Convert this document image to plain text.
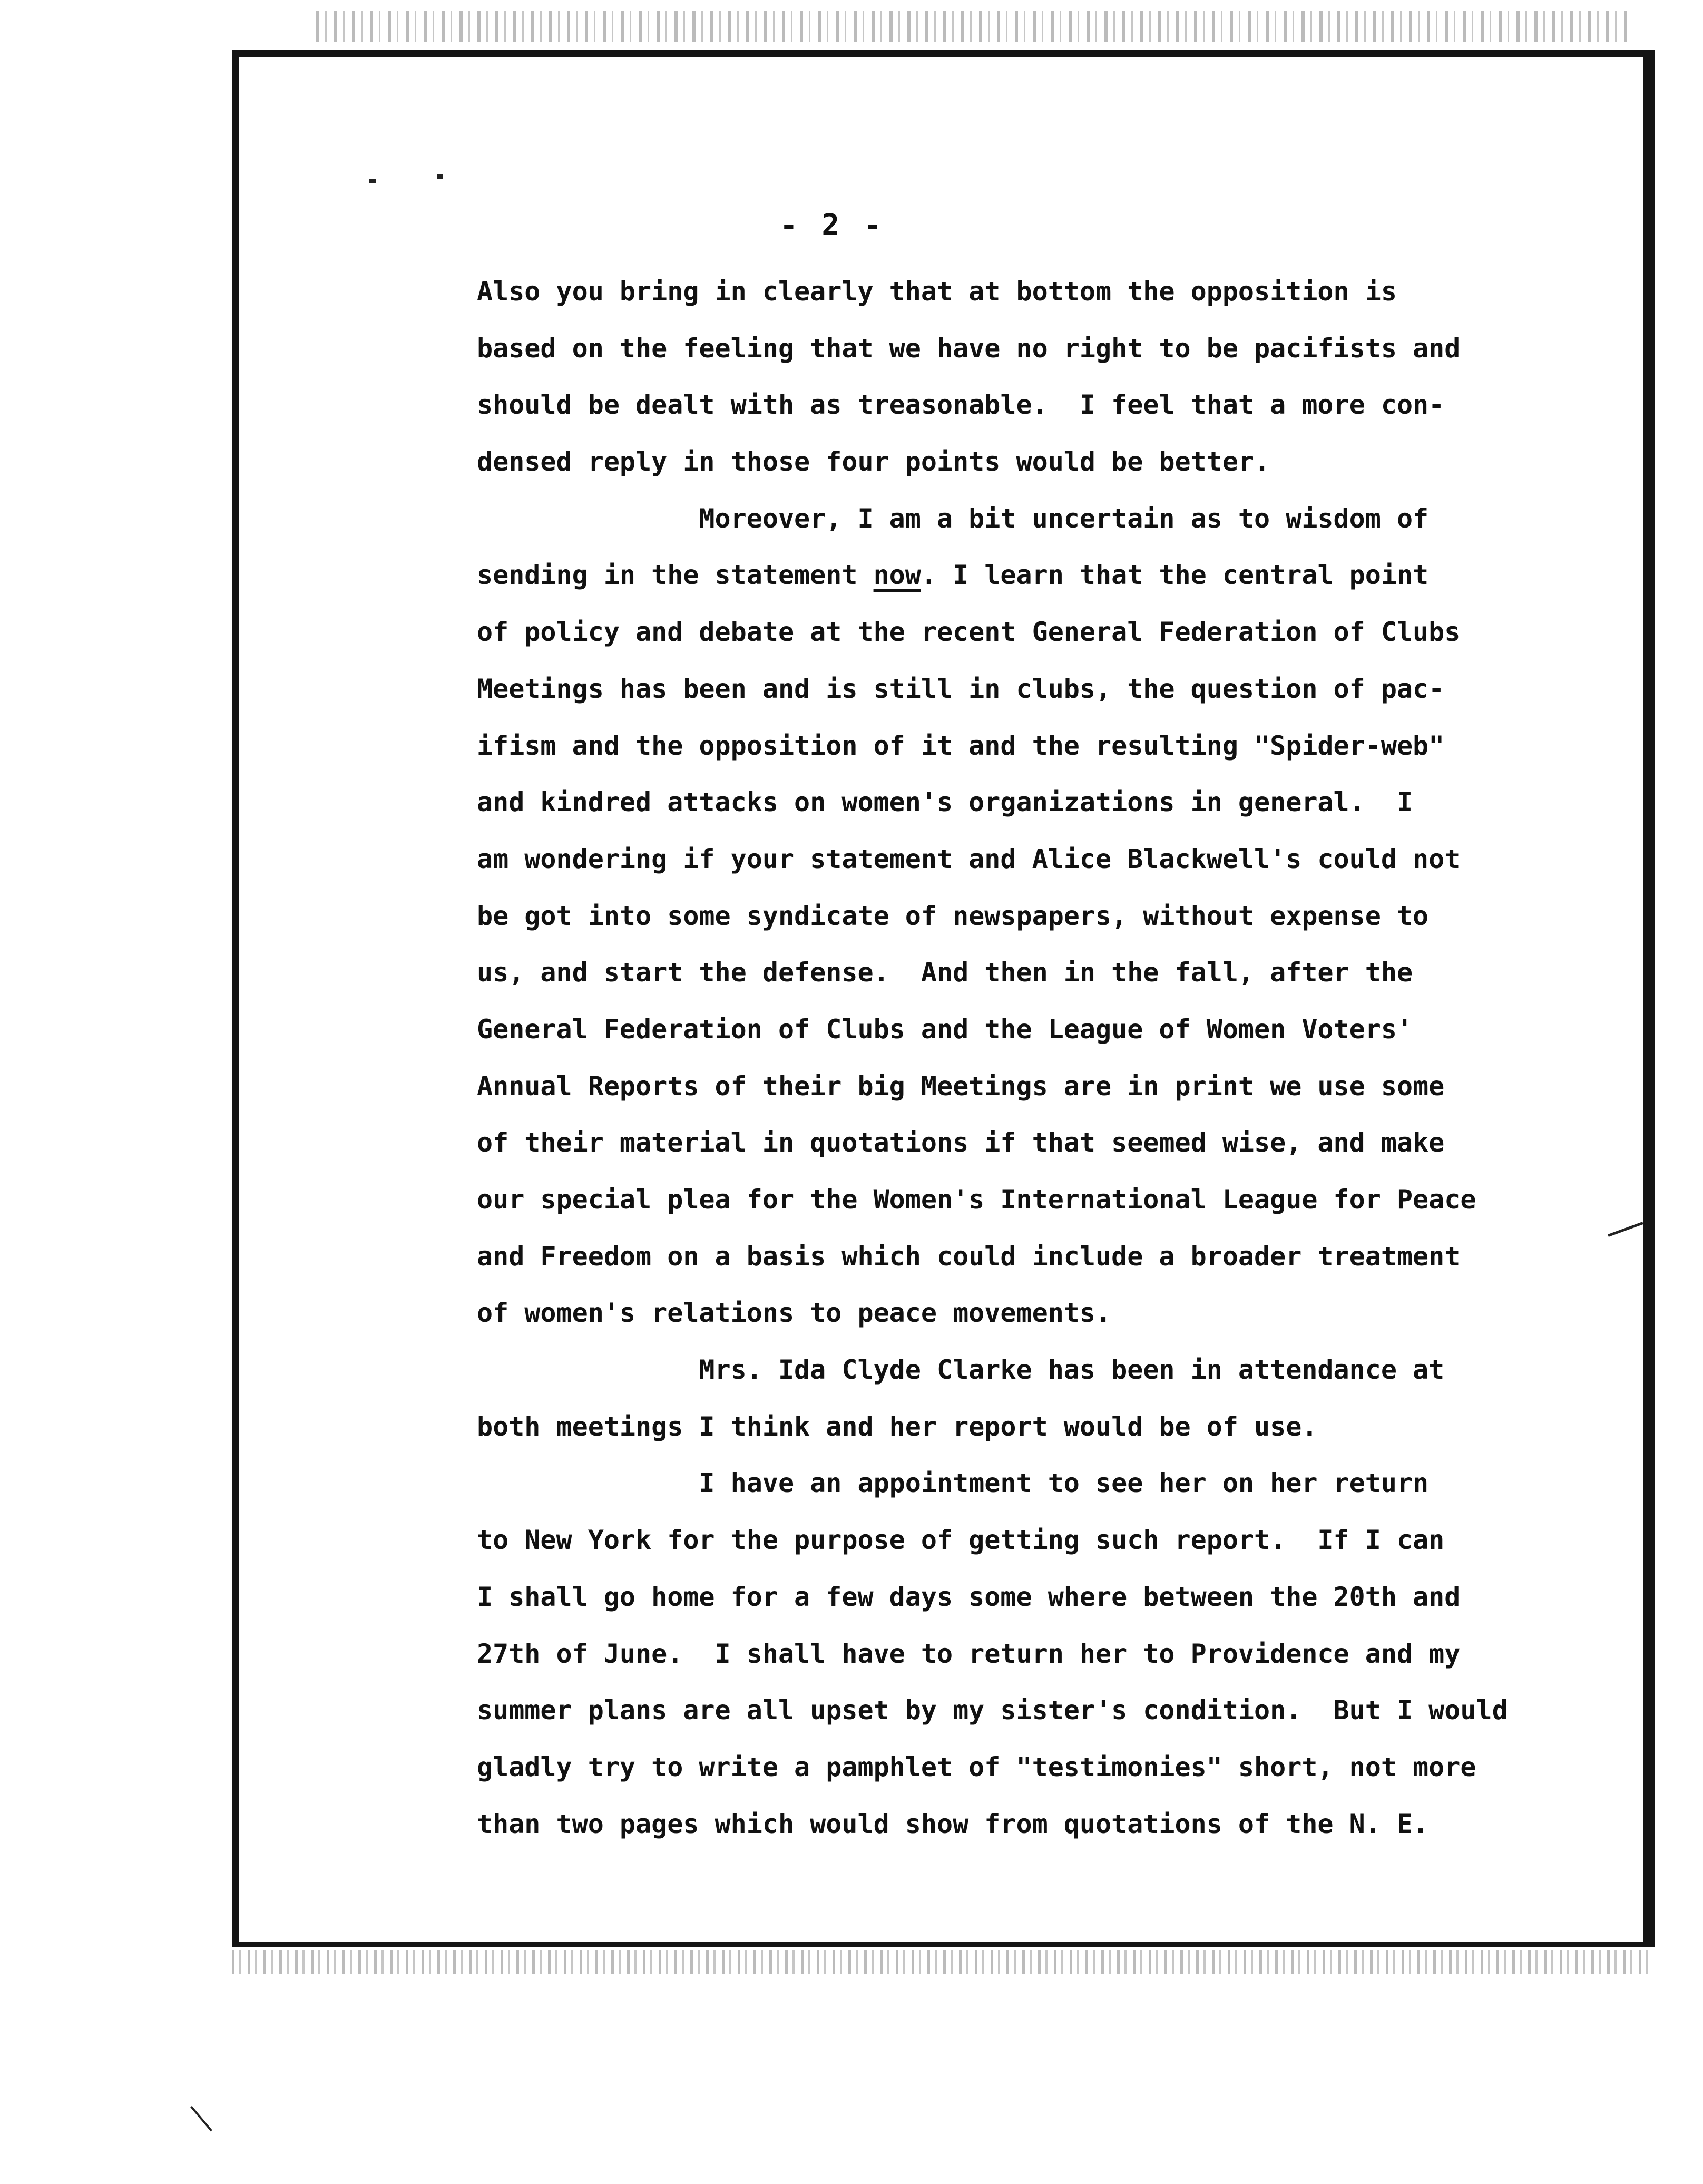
- 2 -
Also you bring in clearly that at bottom the opposition is
based on the feeling that we have no right to be pacifists and
should be dealt with as treasonable.  I feel that a more con-
densed reply in those four points would be better.
Moreover, I am a bit uncertain as to wisdom of
sending in the statement now. I learn that the central point
of policy and debate at the recent General Federation of Clubs
Meetings has been and is still in clubs, the question of pac-
ifism and the opposition of it and the resulting "Spider-web"
and kindred attacks on women's organizations in general.  I
am wondering if your statement and Alice Blackwell's could not
be got into some syndicate of newspapers, without expense to
us, and start the defense.  And then in the fall, after the
General Federation of Clubs and the League of Women Voters'
Annual Reports of their big Meetings are in print we use some
of their material in quotations if that seemed wise, and make
our special plea for the Women's International League for Peace
and Freedom on a basis which could include a broader treatment
of women's relations to peace movements.
Mrs. Ida Clyde Clarke has been in attendance at
both meetings I think and her report would be of use.
I have an appointment to see her on her return
to New York for the purpose of getting such report.  If I can
I shall go home for a few days some where between the 20th and
27th of June.  I shall have to return her to Providence and my
summer plans are all upset by my sister's condition.  But I would
gladly try to write a pamphlet of "testimonies" short, not more
than two pages which would show from quotations of the N. E.
